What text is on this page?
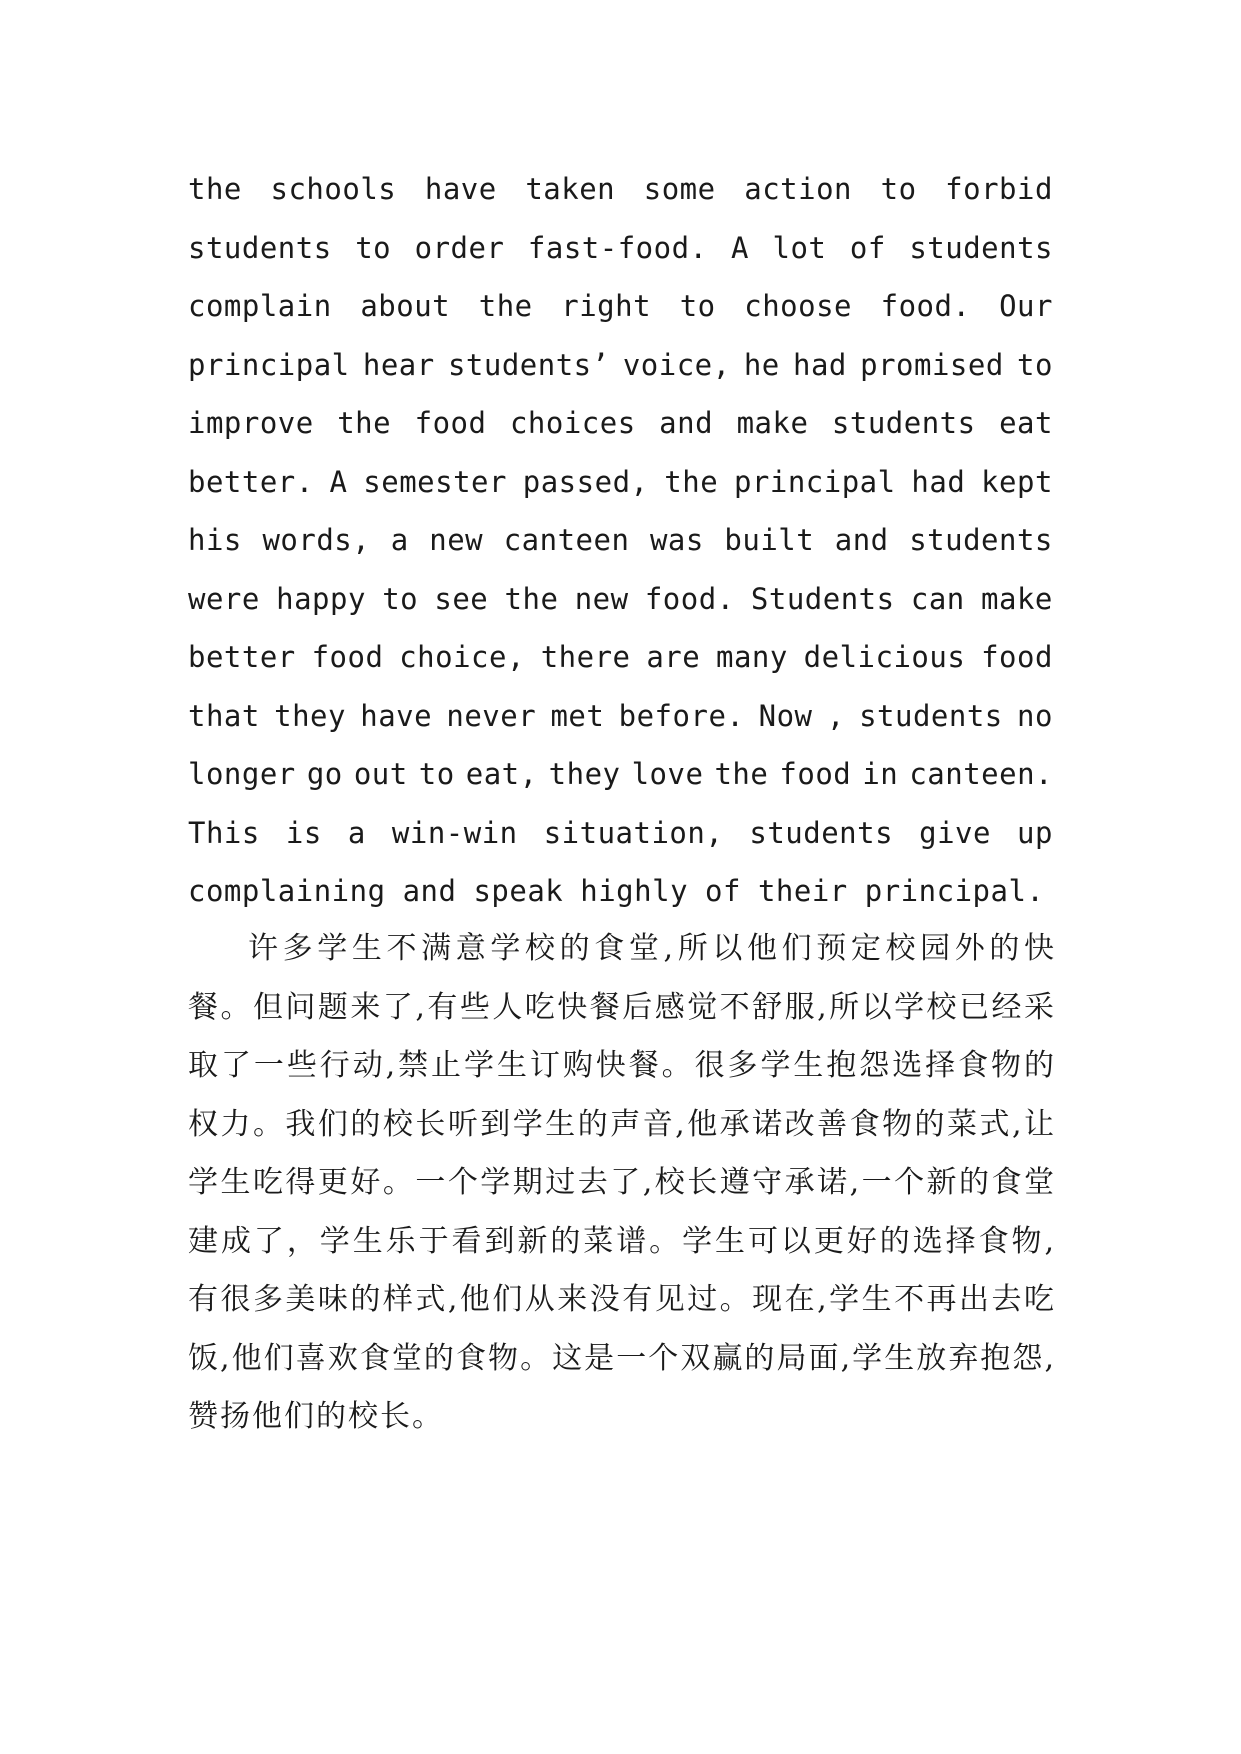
the schools have taken some action to forbid
students to order fast-food. A lot of students
complain about the right to choose food. Our
principal hear students’ voice, he had promised to
improve the food choices and make students eat
better. A semester passed, the principal had kept
his words, a new canteen was built and students
were happy to see the new food. Students can make
better food choice, there are many delicious food
that they have never met before. Now , students no
longer go out to eat, they love the food in canteen.
This is a win-win situation, students give up
complaining and speak highly of their principal.

许多学生不满意学校的食堂,所以他们预定校园外的快餐。但问题来了,有些人吃快餐后感觉不舒服,所以学校已经采取了一些行动,禁止学生订购快餐。很多学生抱怨选择食物的权力。我们的校长听到学生的声音,他承诺改善食物的菜式,让学生吃得更好。一个学期过去了,校长遵守承诺,一个新的食堂建成了，学生乐于看到新的菜谱。学生可以更好的选择食物,有很多美味的样式,他们从来没有见过。现在,学生不再出去吃饭,他们喜欢食堂的食物。这是一个双赢的局面,学生放弃抱怨,赞扬他们的校长。
